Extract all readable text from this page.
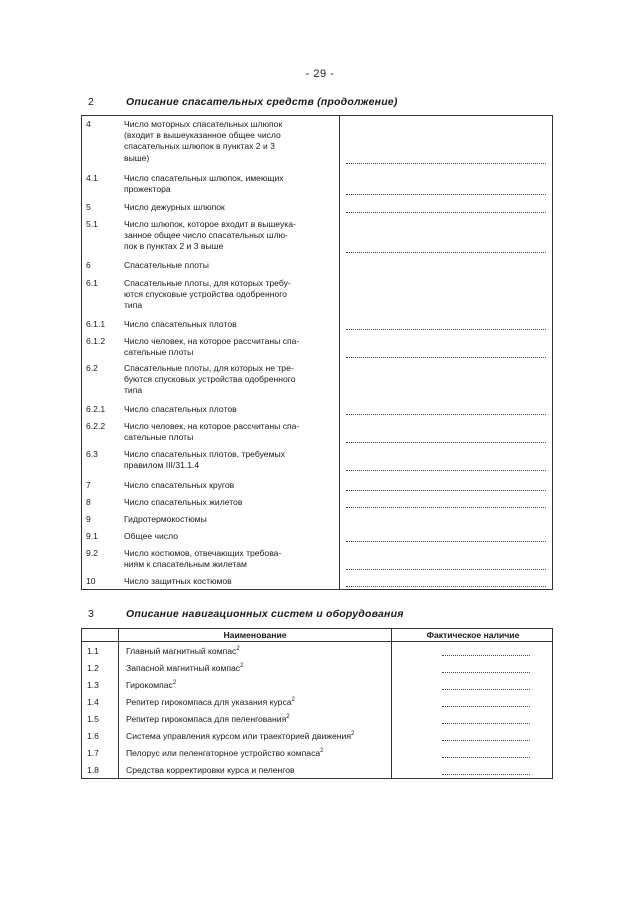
- 29 -
2	Описание спасательных средств (продолжение)
4	Число моторных спасательных шлюпок
(входит в вышеуказанное общее число
спасательных шлюпок в пунктах 2 и 3
выше)
4.1	Число спасательных шлюпок, имеющих
прожектора
5	Число дежурных шлюпок
5.1	Число шлюпок, которое входит в вышеука-
занное общее число спасательных шлю-
пок в пунктах 2 и 3 выше
6	Спасательные плоты
6.1	Спасательные плоты, для которых требу-
ются спусковые устройства одобренного
типа
6.1.1 Число спасательных плотов
6.1.2 Число человек, на которое рассчитаны спа-
сательные плоты
6.2	Спасательные плоты, для которых не тре-
буются спусковых устройства одобренного
типа
6.2.1 Число спасательных плотов
6.2.2 Число человек, на которое рассчитаны спа-
сательные плоты
6.3	Число спасательных плотов, требуемых
правилом III/31.1.4
7	Число спасательных кругов
8	Число спасательных жилетов
9	Гидротермокостюмы
9.1	Общее число
9.2	Число костюмов, отвечающих требова-
ниям к спасательным жилетам
10	Число защитных костюмов
3	Описание навигационных систем и оборудования
Наименование	Фактическое наличие
1.1	Главный магнитный компас$^2$
1.2	Запасной магнитный компас$^2$
1.3	Гирокомпас$^2$
1.4	Репитер гирокомпаса для указания курса$^2$
1.5	Репитер гирокомпаса для пеленгования$^2$
1.6	Система управления курсом или траекторией движения$^2$
1.7	Пелорус или пеленгаторное устройство компаса$^2$
1.8	Средства корректировки курса и пеленгов
